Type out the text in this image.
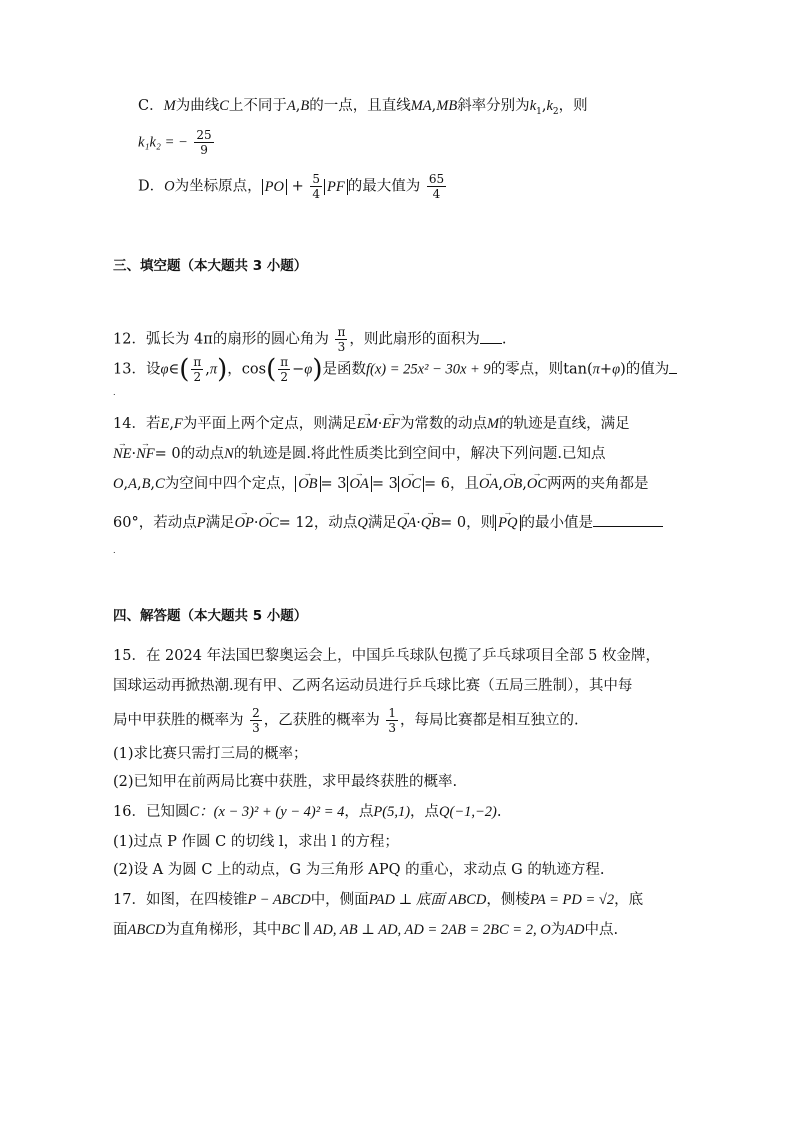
C．M为曲线C上不同于A,B的一点，且直线MA,MB斜率分别为$k_1,k_2$，则
k₁k₂ = − $\frac{25}{9}$
D．O为坐标原点， PO + $\frac{5}{4}$ PF 的最大值为 $\frac{65}{4}$
三、填空题（本大题共 3 小题）
12．弧长为 4π的扇形的圆心角为 $\frac{\pi}{3}$ ，则此扇形的面积为 .
13．设φ∈( $\frac{\pi}{2} ,\pi$)，$\cos( \frac{\pi}{2} -\varphi)$是函数f(x) = 25x² − 30x + 9的零点，则tan(π+φ)的值为
.
14．若E,F为平面上两个定点，则满足→ EM·→ EF为常数的动点M的轨迹是直线，满足
→ NE·→ NF= 0的动点N的轨迹是圆.将此性质类比到空间中，解决下列问题.已知点
O,A,B,C为空间中四个定点， → OB = 3 → OA = 3 → OC = 6，且→ OA,→ OB,→ OC两两的夹角都是
60°，若动点P满足→ OP·→ OC= 12，动点Q满足→ QA·→ QB= 0，则 → PQ 的最小值是
.
四、解答题（本大题共 5 小题）
15．在 2024 年法国巴黎奥运会上，中国乒乓球队包揽了乒乓球项目全部 5 枚金牌，
国球运动再掀热潮.现有甲、乙两名运动员进行乒乓球比赛（五局三胜制），其中每
局中甲获胜的概率为 $\frac{2}{3}$ ，乙获胜的概率为 $\frac{1}{3}$ ，每局比赛都是相互独立的.
(1)求比赛只需打三局的概率；
(2)已知甲在前两局比赛中获胜，求甲最终获胜的概率.
16．已知圆C：(x − 3)² + (y − 4)² = 4，点P(5,1)，点Q(−1,−2).
(1)过点 P 作圆 C 的切线 l，求出 l 的方程；
(2)设 A 为圆 C 上的动点，G 为三角形 APQ 的重心，求动点 G 的轨迹方程.
17．如图，在四棱锥P − ABCD中，侧面PAD ⊥ 底面 ABCD，侧棱PA = PD = √2，底
面ABCD为直角梯形，其中BC ∥ AD, AB ⊥ AD, AD = 2AB = 2BC = 2, O为AD中点.
